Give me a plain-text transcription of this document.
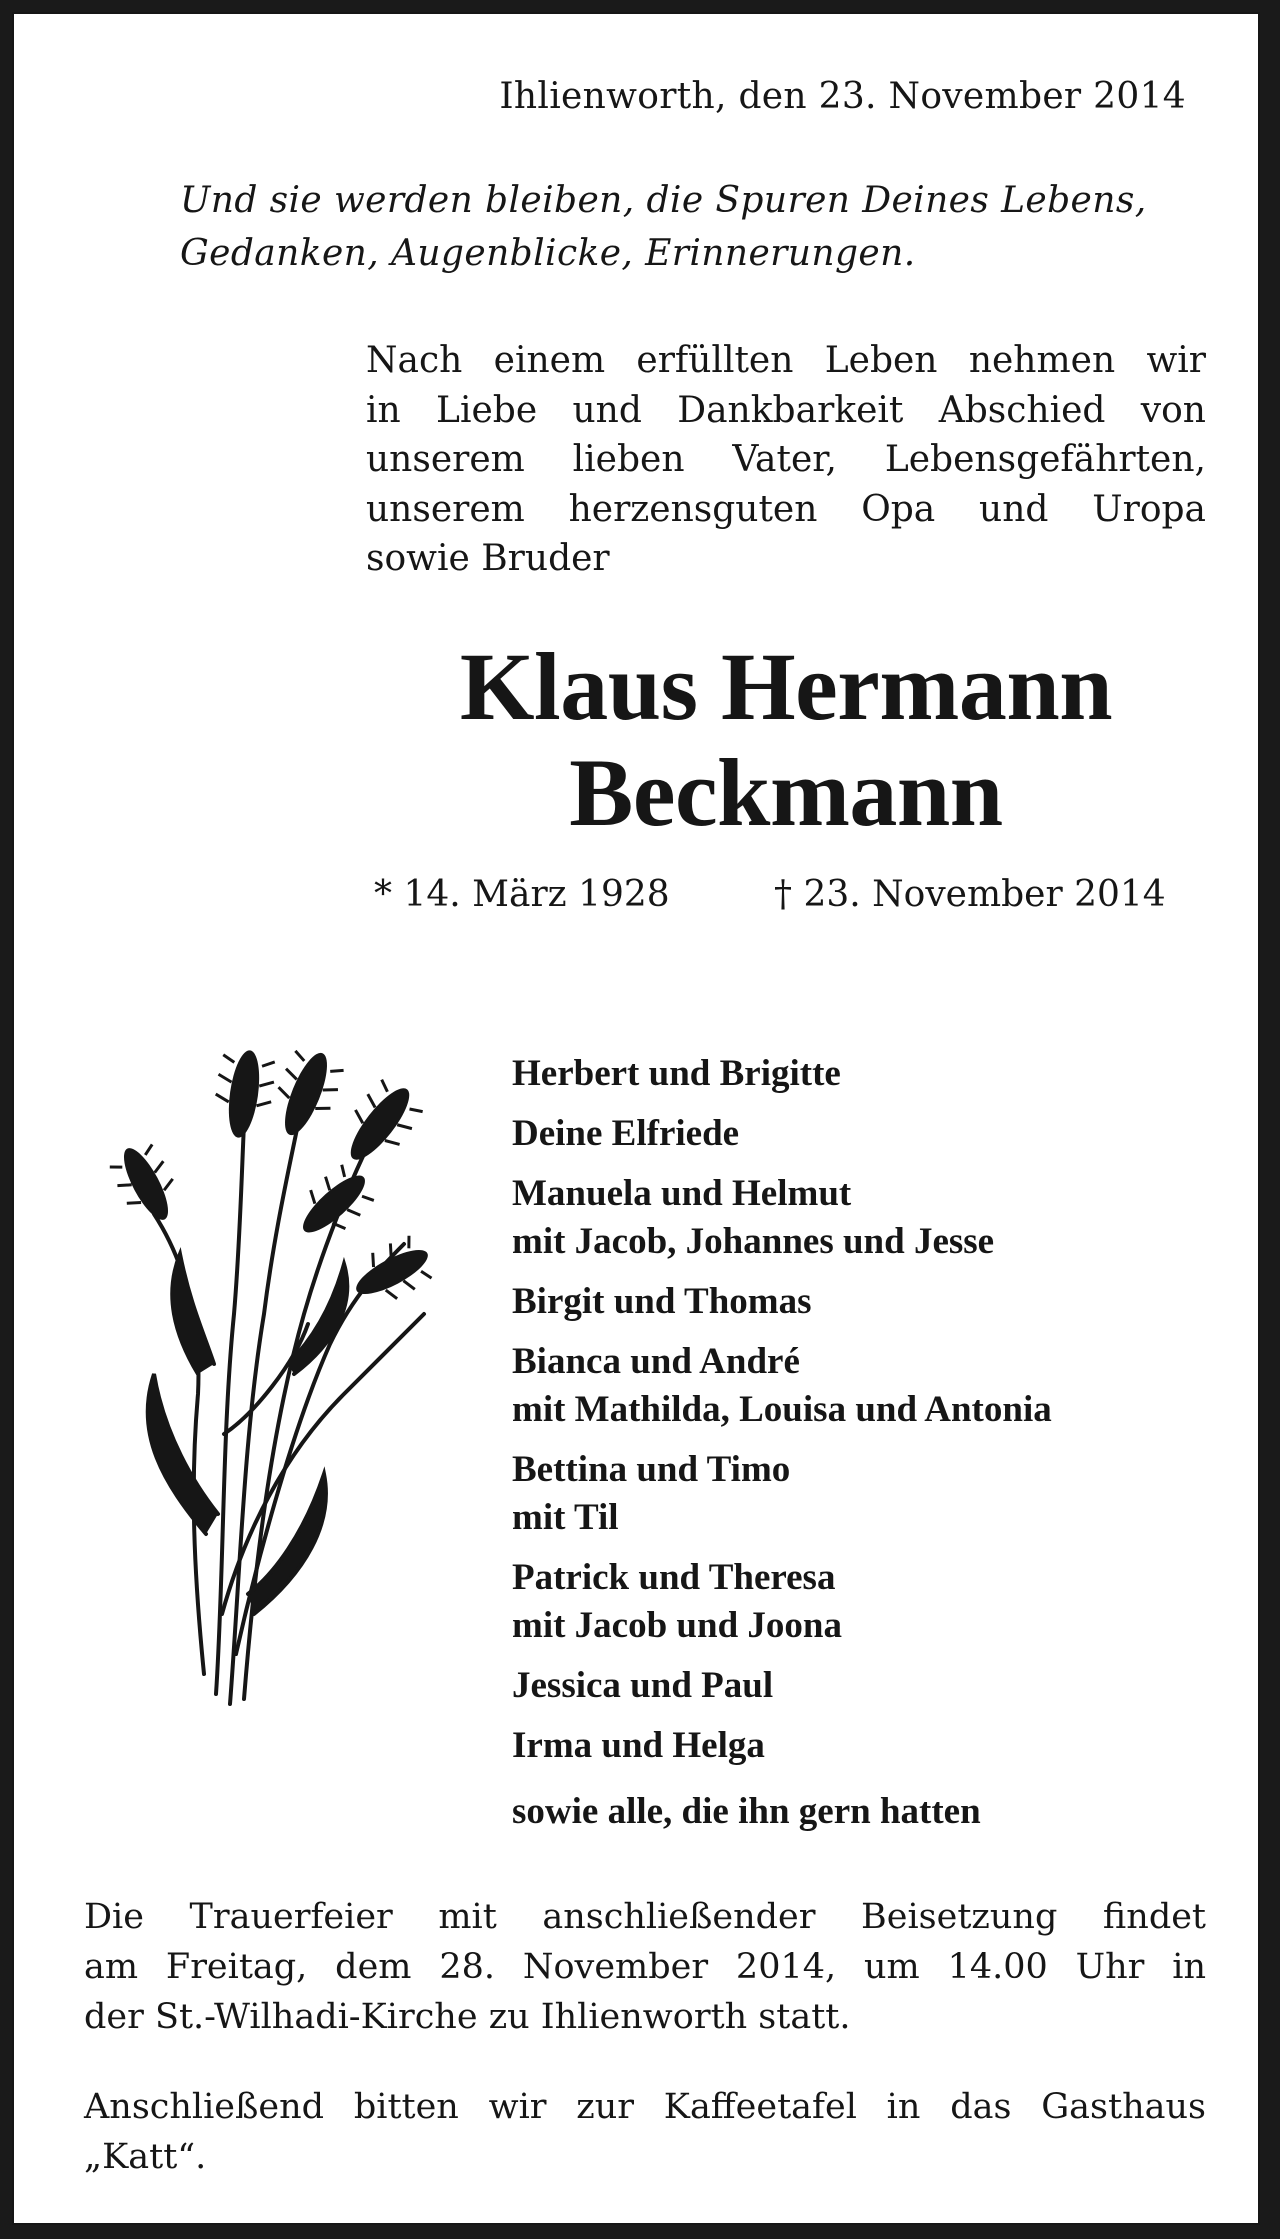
Ihlienworth, den 23. November 2014
Und sie werden bleiben, die Spuren Deines Lebens,
Gedanken, Augenblicke, Erinnerungen.
Nach einem erfüllten Leben nehmen wir
in Liebe und Dankbarkeit Abschied von
unserem lieben Vater, Lebensgefährten,
unserem herzensguten Opa und Uropa
sowie Bruder
Klaus Hermann
Beckmann
* 14. März 1928	† 23. November 2014
Herbert und Brigitte
Deine Elfriede
Manuela und Helmut
mit Jacob, Johannes und Jesse
Birgit und Thomas
Bianca und André
mit Mathilda, Louisa und Antonia
Bettina und Timo
mit Til
Patrick und Theresa
mit Jacob und Joona
Jessica und Paul
Irma und Helga
sowie alle, die ihn gern hatten
Die Trauerfeier mit anschließender Beisetzung findet
am Freitag, dem 28. November 2014, um 14.00 Uhr in
der St.-Wilhadi-Kirche zu Ihlienworth statt.
Anschließend bitten wir zur Kaffeetafel in das Gasthaus
„Katt“.
